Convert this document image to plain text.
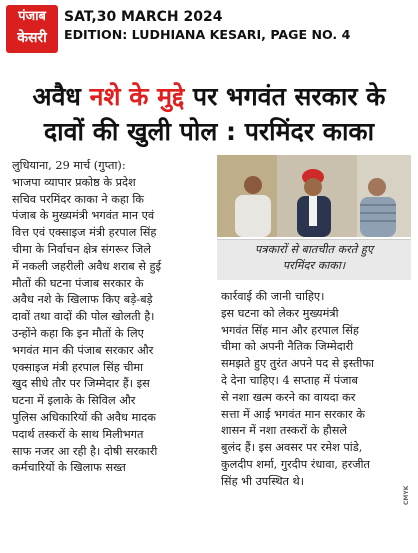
पंजाब
केसरी
SAT,30 MARCH 2024
EDITION: LUDHIANA KESARI, PAGE NO. 4
अवैध नशे के मुद्दे पर भगवंत सरकार के
दावों की खुली पोल : परमिंदर काका

लुधियाना, 29 मार्च (गुप्ता):

भाजपा व्यापार प्रकोष्ठ के प्रदेश

सचिव परमिंदर काका ने कहा कि

पंजाब के मुख्यमंत्री भगवंत मान एवं

वित्त एवं एक्साइज मंत्री हरपाल सिंह

चीमा के निर्वाचन क्षेत्र संगरूर जिले

में नकली जहरीली अवैध शराब से हुई

मौतों की घटना पंजाब सरकार के

अवैध नशे के खिलाफ किए बड़े-बड़े

दावों तथा वादों की पोल खोलती है।

उन्होंने कहा कि इन मौतों के लिए

भगवंत मान की पंजाब सरकार और

एक्साइज मंत्री हरपाल सिंह चीमा

खुद सीधे तौर पर जिम्मेदार हैं। इस

घटना में इलाके के सिविल और

पुलिस अधिकारियों की अवैध मादक

पदार्थ तस्करों के साथ मिलीभगत

साफ नजर आ रही है। दोषी सरकारी

कर्मचारियों के खिलाफ सख्त

पत्रकारों से बातचीत करते हुए
परमिंदर काका।

कार्रवाई की जानी चाहिए।

इस घटना को लेकर मुख्यमंत्री

भगवंत सिंह मान और हरपाल सिंह

चीमा को अपनी नैतिक जिम्मेदारी

समझते हुए तुरंत अपने पद से इस्तीफा

दे देना चाहिए। 4 सप्ताह में पंजाब

से नशा खत्म करने का वायदा कर

सत्ता में आई भगवंत मान सरकार के

शासन में नशा तस्करों के हौसले

बुलंद हैं। इस अवसर पर रमेश पांडे,

कुलदीप शर्मा, गुरदीप रंधावा, हरजीत

सिंह भी उपस्थित थे।

CMYK
